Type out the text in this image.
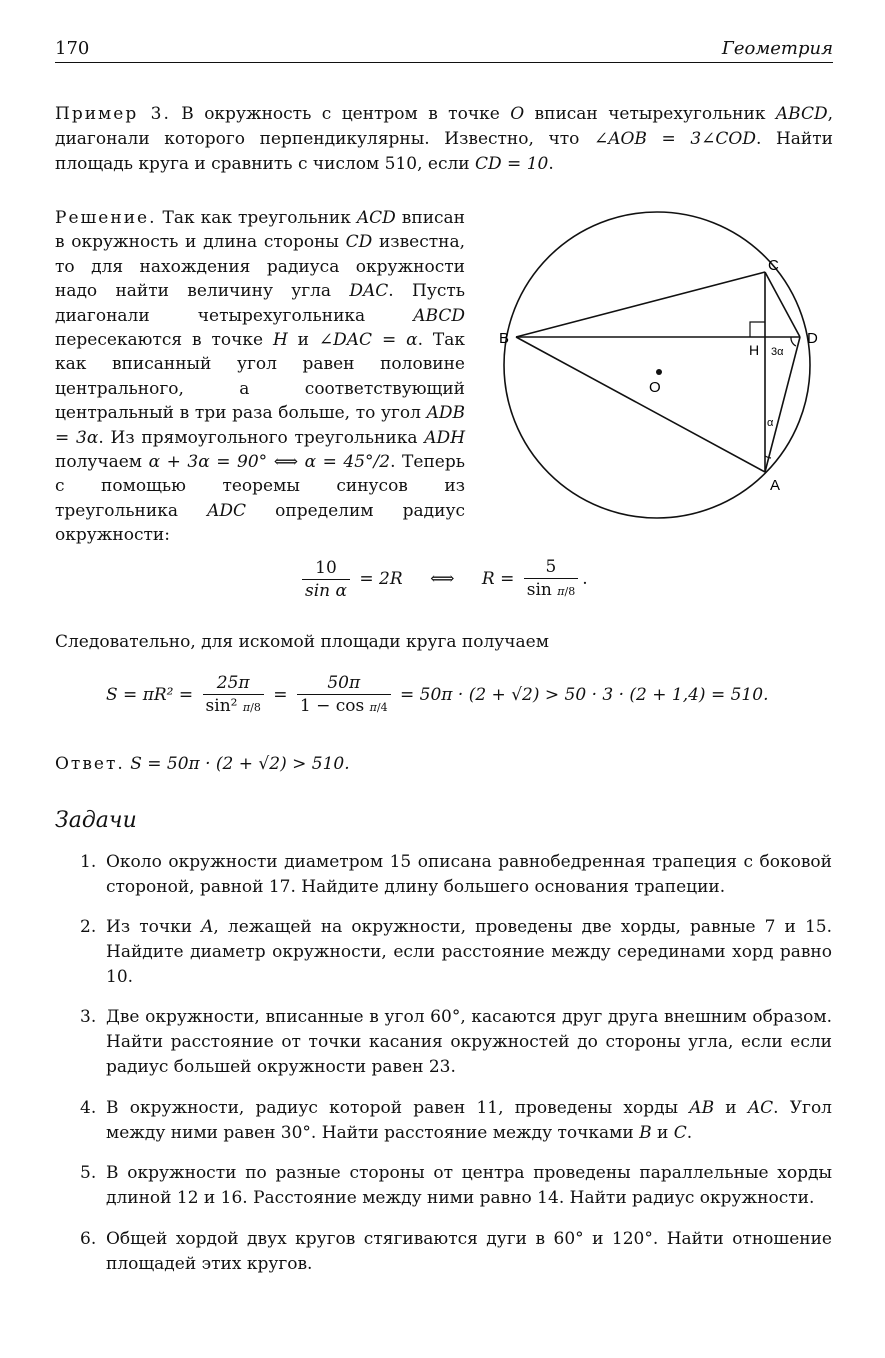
170	Геометрия
Пример 3. В окружность с центром в точке O вписан четырехугольник ABCD, диагонали которого перпендикулярны. Известно, что ∠AOB = 3∠COD. Найти площадь круга и сравнить с числом 510, если CD = 10.
Решение. Так как треугольник ACD вписан в окружность и длина стороны CD известна, то для нахождения радиуса окружности надо найти величину угла DAC. Пусть диагонали четырехугольника ABCD пересекаются в точке H и ∠DAC = α. Так как вписанный угол равен половине центрального, а соответствующий центральный в три раза больше, то угол ADB = 3α. Из прямоугольного треугольника ADH получаем α + 3α = 90° ⟺ α = 45°/2. Теперь с помощью теоремы синусов из треугольника ADC определим радиус окружности:
C
B	D
H
O
A
3α
α
$\frac{10}{\text{sin α}} = 2R$ ⟺ $R = \frac{5}{\text{sin π/8}}$ .
Следовательно, для искомой площади круга получаем
$S = \pi R^2 = \frac{25\pi}{\text{sin² π/8}} = \frac{50\pi}{\text{1 − cos π/4}} = 50\pi \cdot (2 + √2) > 50 \cdot 3 \cdot (2 + 1,4) = 510$.
Ответ. S = 50π · (2 + √2) > 510.
Задачи
1. Около окружности диаметром 15 описана равнобедренная трапеция с боковой стороной, равной 17. Найдите длину большего основания трапеции.
2. Из точки A, лежащей на окружности, проведены две хорды, равные 7 и 15. Найдите диаметр окружности, если расстояние между серединами хорд равно 10.
3. Две окружности, вписанные в угол 60°, касаются друг друга внешним образом. Найти расстояние от точки касания окружностей до стороны угла, если если радиус большей окружности равен 23.
4. В окружности, радиус которой равен 11, проведены хорды AB и AC. Угол между ними равен 30°. Найти расстояние между точками B и C.
5. В окружности по разные стороны от центра проведены параллельные хорды длиной 12 и 16. Расстояние между ними равно 14. Найти радиус окружности.
6. Общей хордой двух кругов стягиваются дуги в 60° и 120°. Найти отношение площадей этих кругов.
